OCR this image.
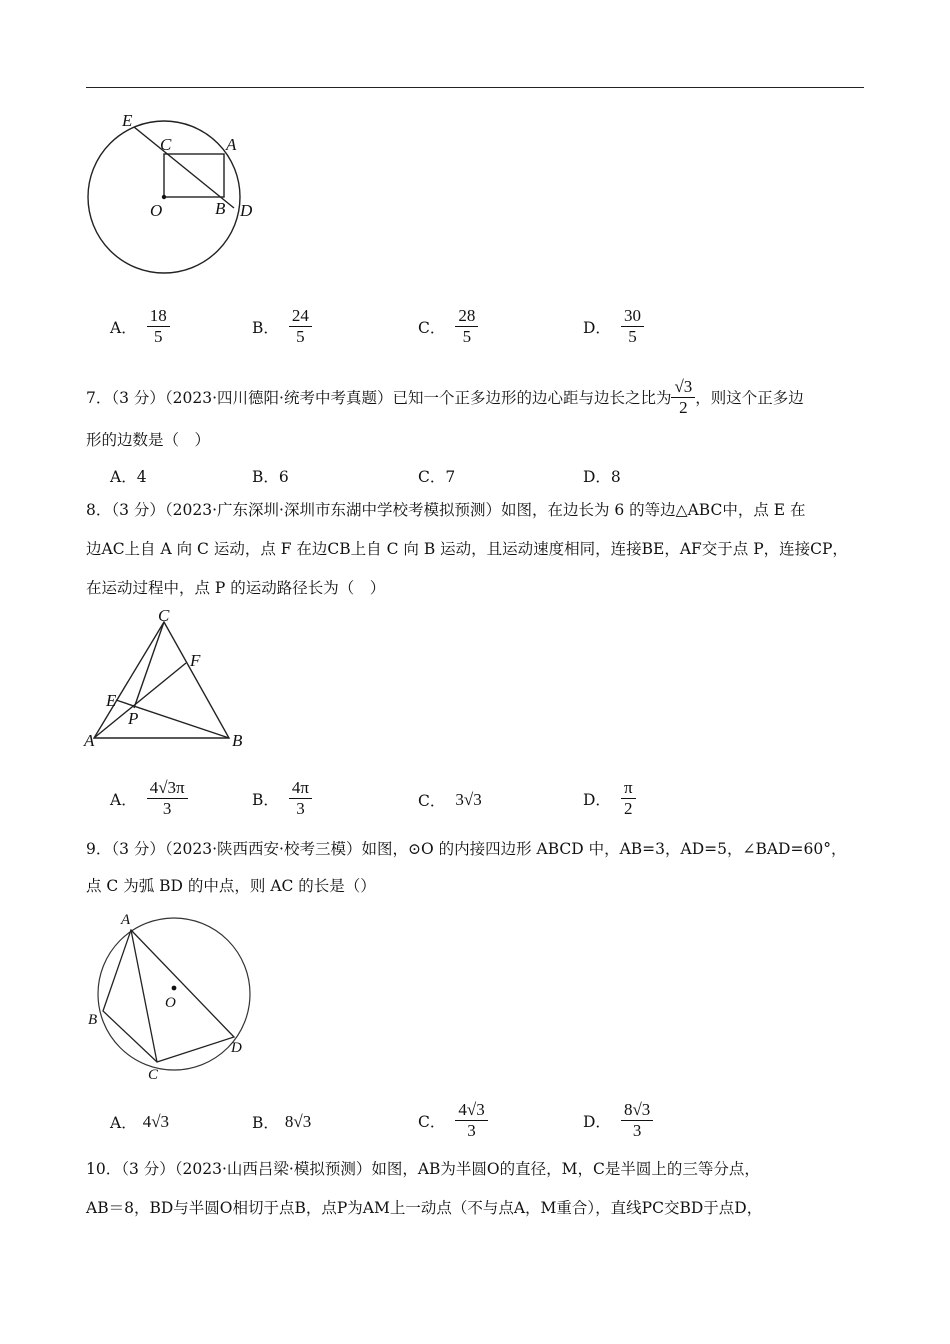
E
C	A
O	B D
A． $\frac{18}{5}$	B． $\frac{24}{5}$	C． $\frac{28}{5}$	D． $\frac{30}{5}$
7．（3 分）（2023·四川德阳·统考中考真题）已知一个正多边形的边心距与边长之比为 $\frac{√3}{2}$ ，则这个正多边
形的边数是（　）
A．4	B．6	C．7	D．8
8．（3 分）（2023·广东深圳·深圳市东湖中学校考模拟预测）如图，在边长为 6 的等边△ABC中，点 E 在
边AC上自 A 向 C 运动，点 F 在边CB上自 C 向 B 运动，且运动速度相同，连接BE，AF交于点 P，连接CP，
在运动过程中，点 P 的运动路径长为（　）
C
F
E
P
A	B
A． $\frac{4√3\pi}{3}$	B． $\frac{4\pi}{3}$	C． 3√3	D． $\frac{\pi}{2}$
9．（3 分）（2023·陕西西安·校考三模）如图，⊙O 的内接四边形 ABCD 中，AB=3，AD=5，∠BAD=60°，
点 C 为弧 BD 的中点，则 AC 的长是（）
A
O
B
C
D
A． 4√3	B． 8√3	C． $\frac{4√3}{3}$	D． $\frac{8√3}{3}$
10．（3 分）（2023·山西吕梁·模拟预测）如图，AB为半圆O的直径，M，C是半圆上的三等分点，
AB＝8，BD与半圆O相切于点B，点P为AM上一动点（不与点A，M重合），直线PC交BD于点D，
